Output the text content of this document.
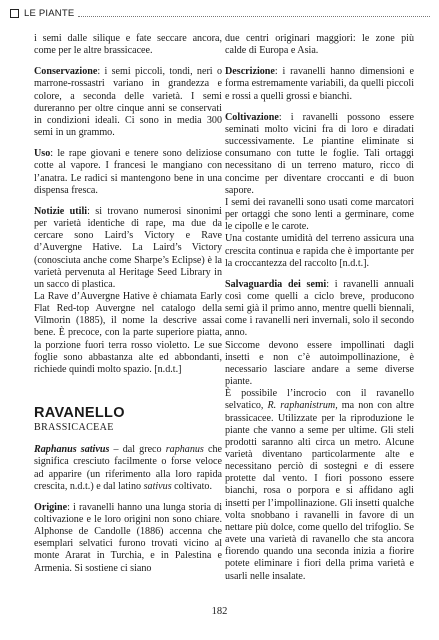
LE PIANTE

i semi dalle silique e fate seccare ancora, come per le altre brassicacee.

Conservazione: i semi piccoli, tondi, neri o marrone-rossastri variano in grandezza e colore, a seconda delle varietà. I semi dureranno per oltre cinque anni se conservati in condizioni ideali. Ci sono in media 300 semi in un grammo.

Uso: le rape giovani e tenere sono deliziose cotte al vapore. I francesi le mangiano con l’anatra. Le radici si mantengono bene in una dispensa fresca.

Notizie utili: si trovano numerosi sinonimi per varietà identiche di rape, ma due da cercare sono Laird’s Victory e Rave d’Auvergne Hative. La Laird’s Victory (conosciuta anche come Sharpe’s Eclipse) è la varietà pervenuta al Heritage Seed Library in un sacco di plastica.

La Rave d’Auvergne Hative è chiamata Early Flat Red-top Auvergne nel catalogo della Vilmorin (1885), il nome la descrive assai bene. È precoce, con la parte superiore piatta, la porzione fuori terra rosso violetto. Le sue foglie sono abbastanza alte ed abbondanti, richiede quindi molto spazio. [n.d.t.]

RAVANELLO
BRASSICACEAE

Raphanus sativus – dal greco raphanus che significa cresciuto facilmente o forse veloce ad apparire (un riferimento alla loro rapida crescita, n.d.t.) e dal latino sativus coltivato.

Origine: i ravanelli hanno una lunga storia di coltivazione e le loro origini non sono chiare. Alphonse de Candolle (1886) accenna che esemplari selvatici furono trovati vicino al monte Ararat in Turchia, e in Palestina e Armenia. Si sostiene ci siano

due centri originari maggiori: le zone più calde di Europa e Asia.

Descrizione: i ravanelli hanno dimensioni e forma estremamente variabili, da quelli piccoli e rossi a quelli grossi e bianchi.

Coltivazione: i ravanelli possono essere seminati molto vicini fra di loro e diradati successivamente. Le piantine eliminate si consumano con tutte le foglie. Tali ortaggi necessitano di un terreno maturo, ricco di concime per diventare croccanti e di buon sapore.

I semi dei ravanelli sono usati come marcatori per ortaggi che sono lenti a germinare, come le cipolle e le carote.

Una costante umidità del terreno assicura una crescita continua e rapida che è importante per la croccantezza del raccolto [n.d.t.].

Salvaguardia dei semi: i ravanelli annuali così come quelli a ciclo breve, producono semi già il primo anno, mentre quelli biennali, come i ravanelli neri invernali, solo il secondo anno.

Siccome devono essere impollinati dagli insetti e non c’è autoimpollinazione, è necessario lasciare andare a seme diverse piante.

È possibile l’incrocio con il ravanello selvatico, R. raphanistrum, ma non con altre brassicacee. Utilizzate per la riproduzione le piante che vanno a seme per ultime. Gli steli prodotti saranno alti circa un metro. Alcune varietà diventano particolarmente alte e necessitano perciò di sostegni e di essere protette dal vento. I fiori possono essere bianchi, rosa o porpora e si affidano agli insetti per l’impollinazione. Gli insetti qualche volta snobbano i ravanelli in favore di un nettare più dolce, come quello del trifoglio. Se avete una varietà di ravanello che sta ancora fiorendo quando una seconda inizia a fiorire potete eliminare i fiori della prima varietà e usarli nelle insalate.

182
